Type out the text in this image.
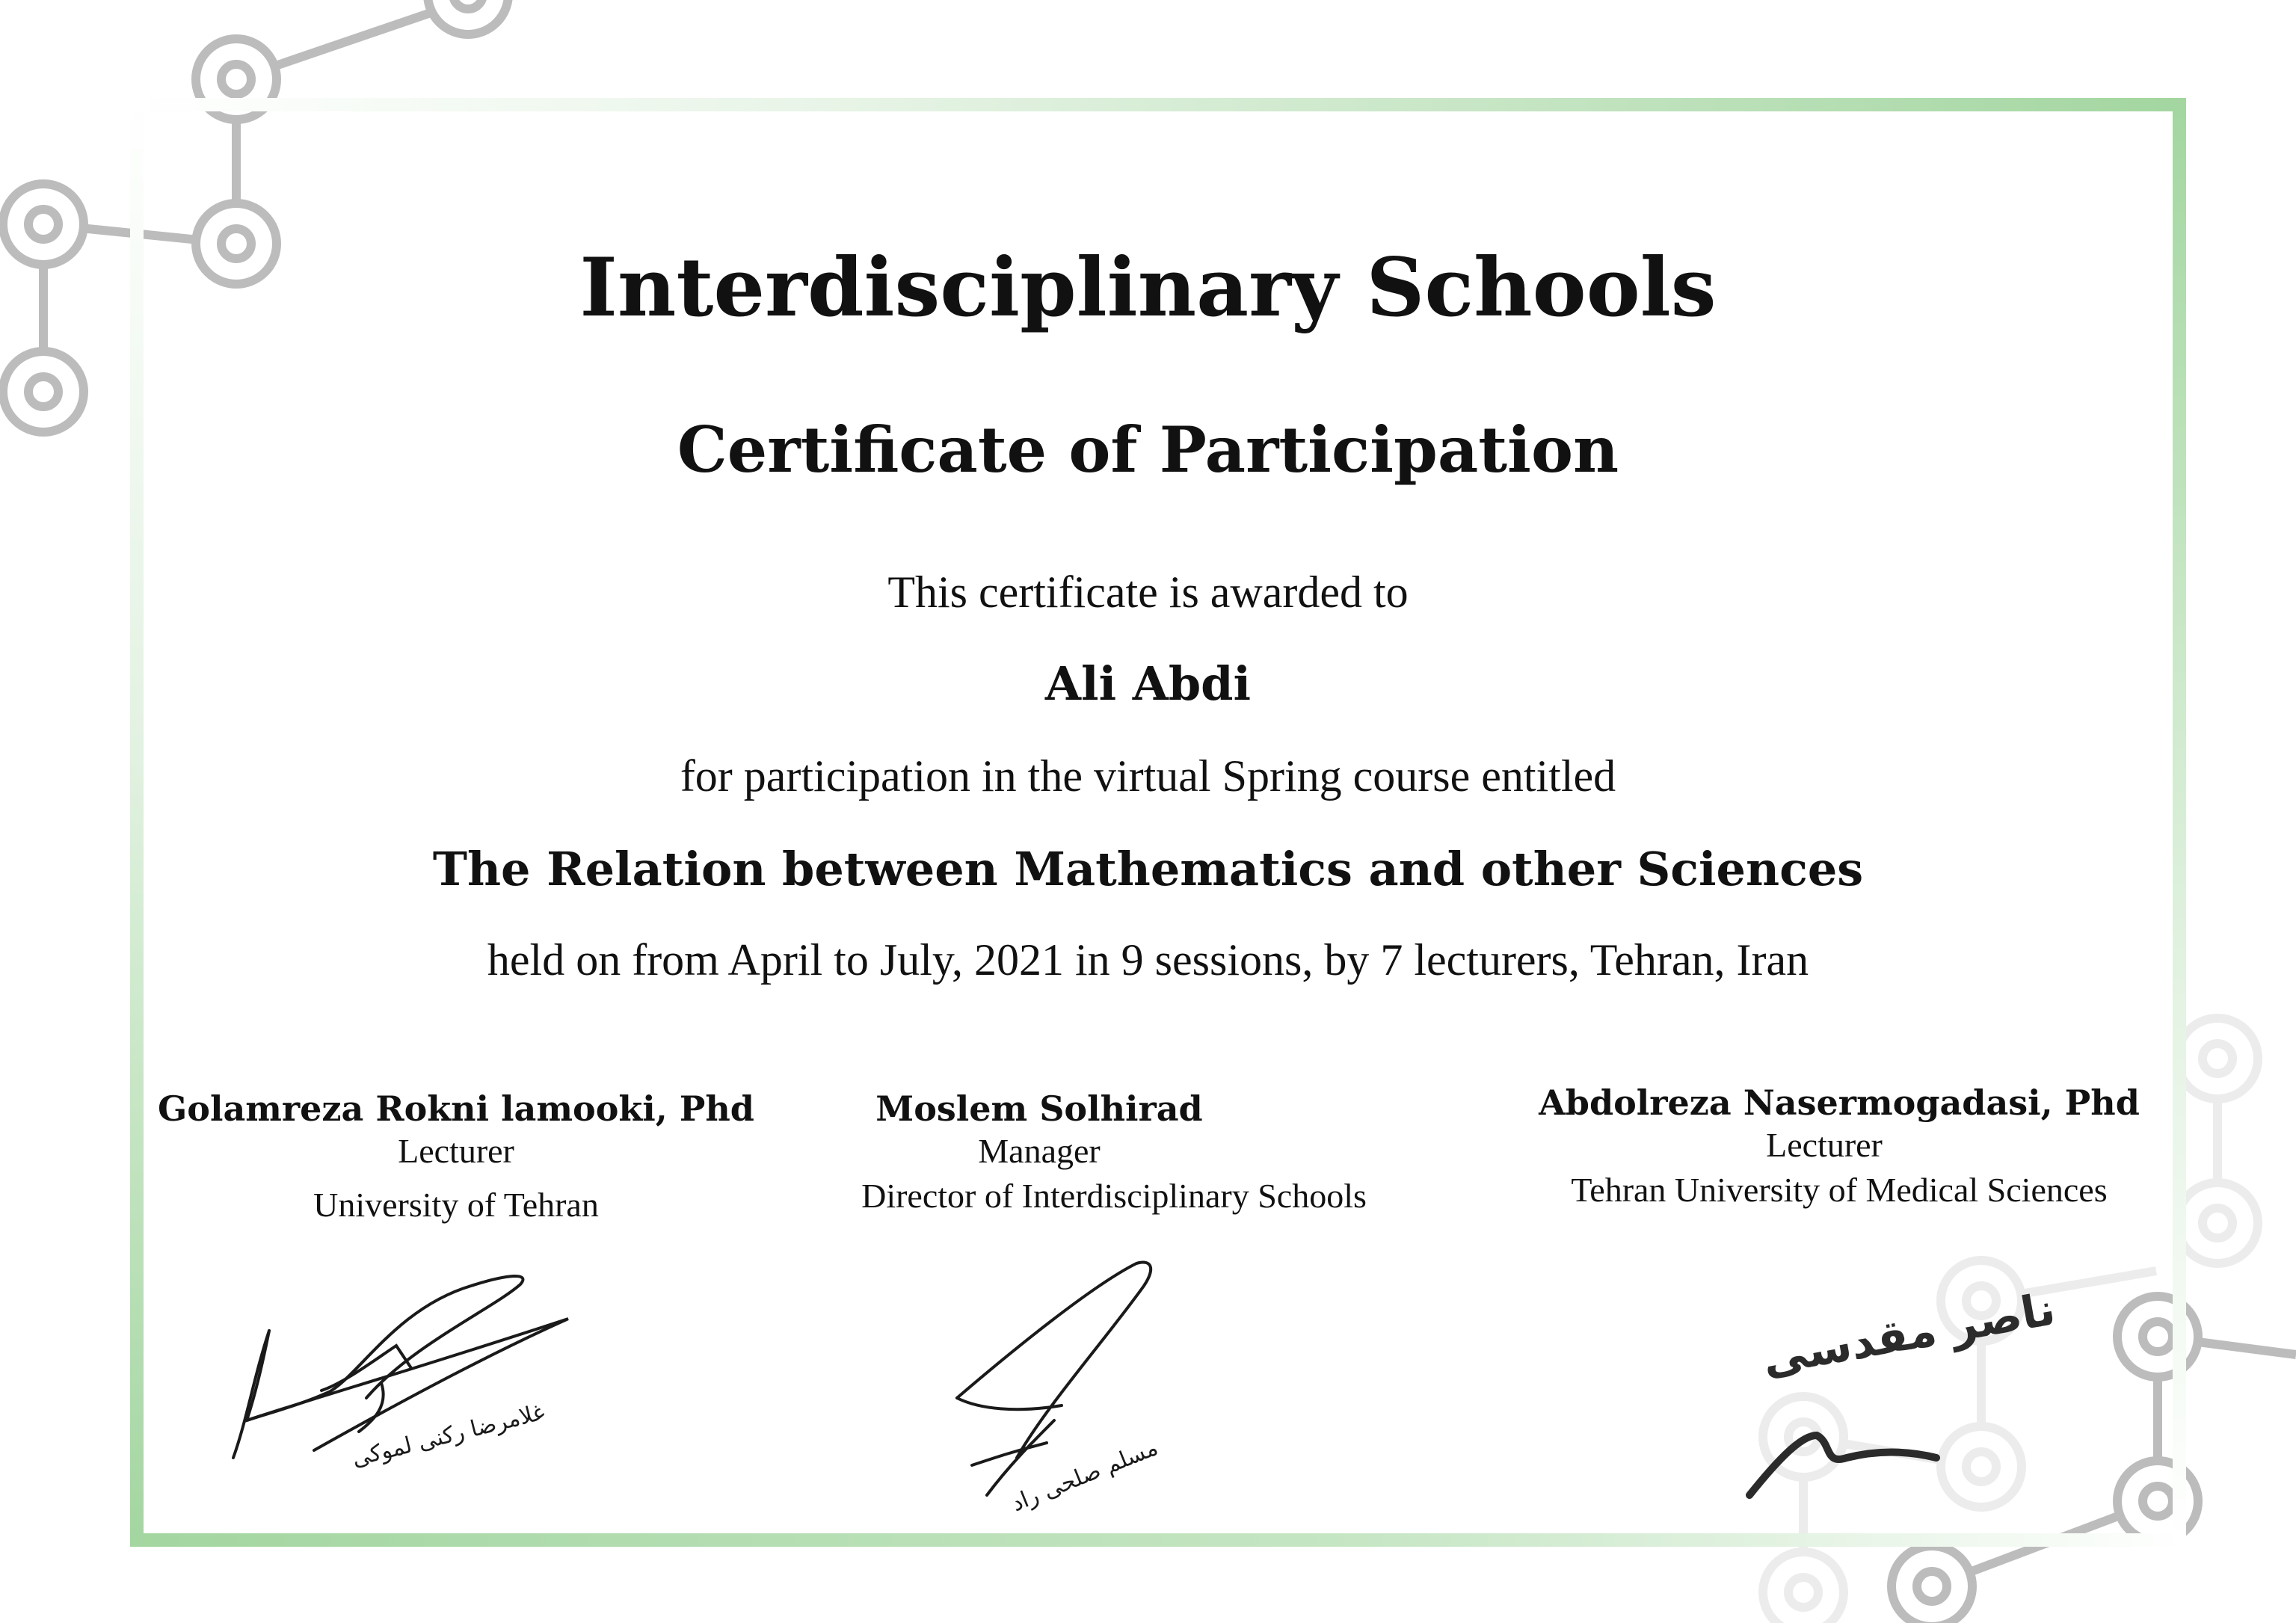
Interdisciplinary Schools
Certificate of Participation
This certificate is awarded to
Ali Abdi
for participation in the virtual Spring course entitled
The Relation between Mathematics and other Sciences
held on from April to July, 2021 in 9 sessions, by 7 lecturers, Tehran, Iran
Golamreza Rokni lamooki, Phd
Lecturer
University of Tehran
Moslem Solhirad
Manager
Director of Interdisciplinary Schools
Abdolreza Nasermogadasi, Phd
Lecturer
Tehran University of Medical Sciences
غلامرضا رکنی لموکی	مسلم صلحی راد
ناصر مقدسی
